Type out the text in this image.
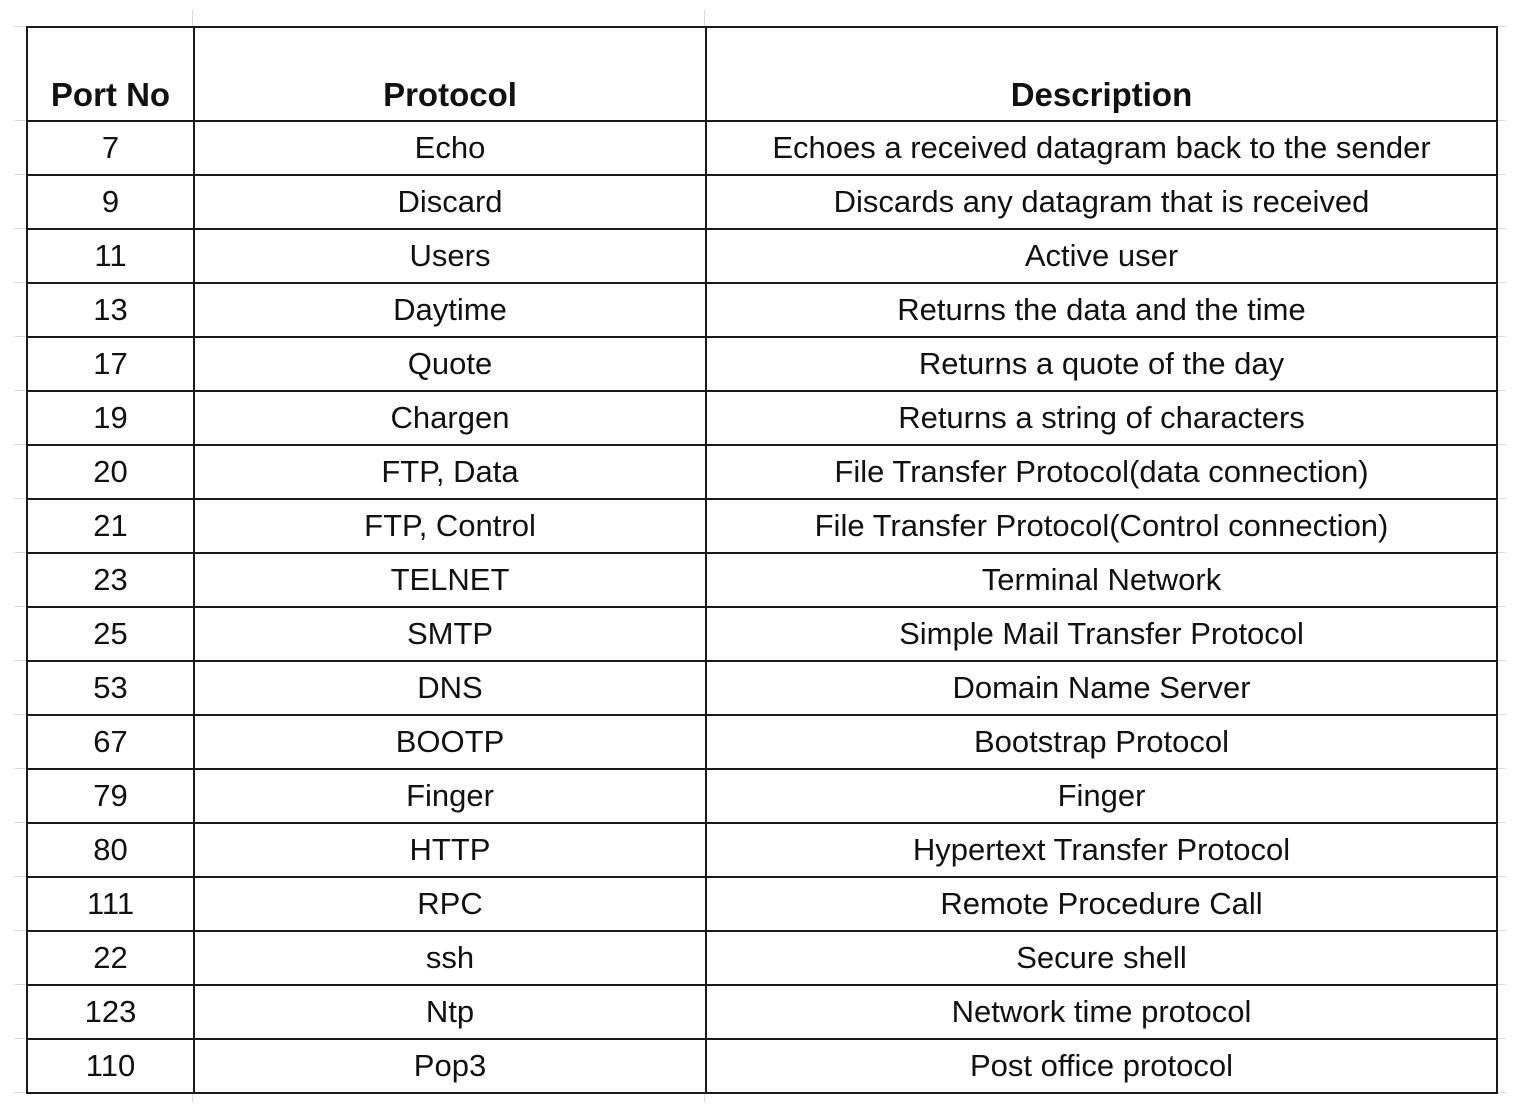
Port No	Protocol	Description
7	Echo	Echoes a received datagram back to the sender
9	Discard	Discards any datagram that is received
11	Users	Active user
13	Daytime	Returns the data and the time
17	Quote	Returns a quote of the day
19	Chargen	Returns a string of characters
20	FTP, Data	File Transfer Protocol(data connection)
21	FTP, Control	File Transfer Protocol(Control connection)
23	TELNET	Terminal Network
25	SMTP	Simple Mail Transfer Protocol
53	DNS	Domain Name Server
67	BOOTP	Bootstrap Protocol
79	Finger	Finger
80	HTTP	Hypertext Transfer Protocol
111	RPC	Remote Procedure Call
22	ssh	Secure shell
123	Ntp	Network time protocol
110	Pop3	Post office protocol
